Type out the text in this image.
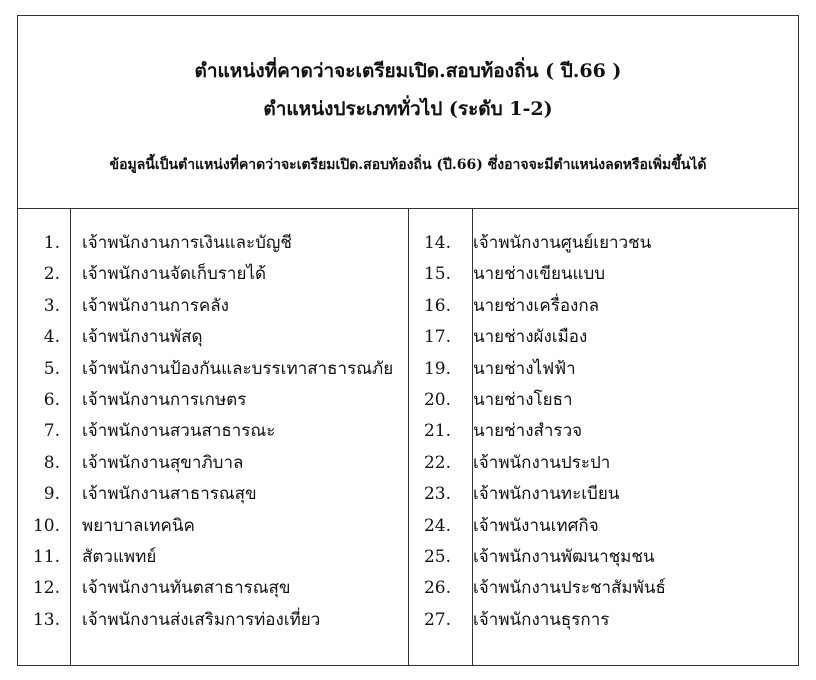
ตำแหน่งที่คาดว่าจะเตรียมเปิด.สอบท้องถิ่น ( ปี.66 )
ตำแหน่งประเภททั่วไป (ระดับ 1-2)
ข้อมูลนี้เป็นตำแหน่งที่คาดว่าจะเตรียมเปิด.สอบท้องถิ่น (ปี.66) ซึ่งอาจจะมีตำแหน่งลดหรือเพิ่มขึ้นได้
1. เจ้าพนักงานการเงินและบัญชี
2. เจ้าพนักงานจัดเก็บรายได้
3. เจ้าพนักงานการคลัง
4. เจ้าพนักงานพัสดุ
5. เจ้าพนักงานป้องกันและบรรเทาสาธารณภัย
6. เจ้าพนักงานการเกษตร
7. เจ้าพนักงานสวนสาธารณะ
8. เจ้าพนักงานสุขาภิบาล
9. เจ้าพนักงานสาธารณสุข
10. พยาบาลเทคนิค
11. สัตวแพทย์
12. เจ้าพนักงานทันตสาธารณสุข
13. เจ้าพนักงานส่งเสริมการท่องเที่ยว
14. เจ้าพนักงานศูนย์เยาวชน
15. นายช่างเขียนแบบ
16. นายช่างเครื่องกล
17. นายช่างผังเมือง
19. นายช่างไฟฟ้า
20. นายช่างโยธา
21. นายช่างสำรวจ
22. เจ้าพนักงานประปา
23. เจ้าพนักงานทะเบียน
24. เจ้าพนังานเทศกิจ
25. เจ้าพนักงานพัฒนาชุมชน
26. เจ้าพนักงานประชาสัมพันธ์
27. เจ้าพนักงานธุรการ
